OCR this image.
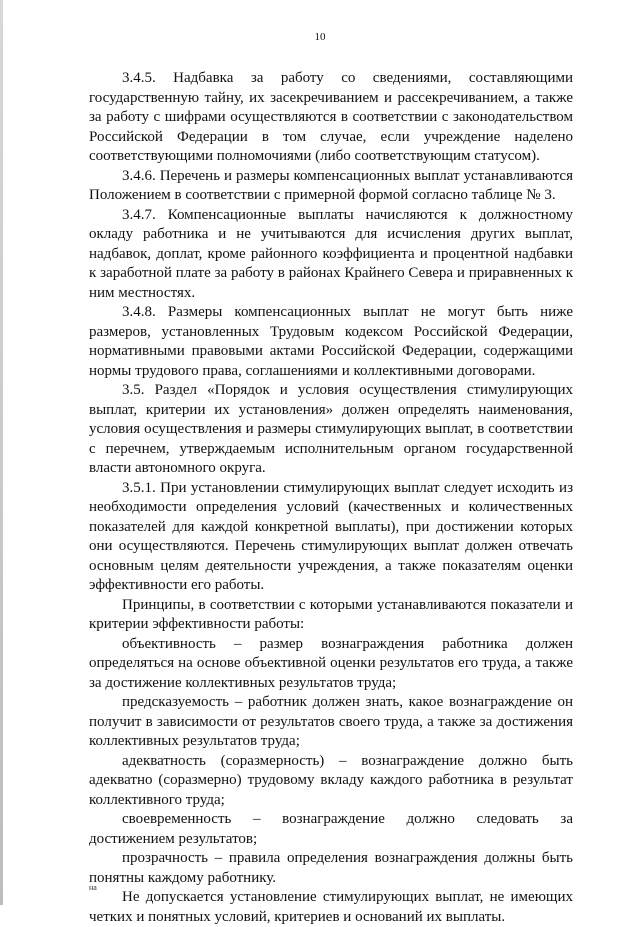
10

3.4.5. Надбавка за работу со сведениями, составляющими государственную тайну, их засекречиванием и рассекречиванием, а также за работу с шифрами осуществляются в соответствии с законодательством Российской Федерации в том случае, если учреждение наделено соответствующими полномочиями (либо соответствующим статусом).

3.4.6. Перечень и размеры компенсационных выплат устанавливаются Положением в соответствии с примерной формой согласно таблице № 3.

3.4.7. Компенсационные выплаты начисляются к должностному окладу работника и не учитываются для исчисления других выплат, надбавок, доплат, кроме районного коэффициента и процентной надбавки к заработной плате за работу в районах Крайнего Севера и приравненных к ним местностях.

3.4.8. Размеры компенсационных выплат не могут быть ниже размеров, установленных Трудовым кодексом Российской Федерации, нормативными правовыми актами Российской Федерации, содержащими нормы трудового права, соглашениями и коллективными договорами.

3.5. Раздел «Порядок и условия осуществления стимулирующих выплат, критерии их установления» должен определять наименования, условия осуществления и размеры стимулирующих выплат, в соответствии с перечнем, утверждаемым исполнительным органом государственной власти автономного округа.

3.5.1. При установлении стимулирующих выплат следует исходить из необходимости определения условий (качественных и количественных показателей для каждой конкретной выплаты), при достижении которых они осуществляются. Перечень стимулирующих выплат должен отвечать основным целям деятельности учреждения, а также показателям оценки эффективности его работы.

Принципы, в соответствии с которыми устанавливаются показатели и критерии эффективности работы:

объективность – размер вознаграждения работника должен определяться на основе объективной оценки результатов его труда, а также за достижение коллективных результатов труда;

предсказуемость – работник должен знать, какое вознаграждение он получит в зависимости от результатов своего труда, а также за достижения коллективных результатов труда;

адекватность (соразмерность) – вознаграждение должно быть адекватно (соразмерно) трудовому вкладу каждого работника в результат коллективного труда;

своевременность – вознаграждение должно следовать за достижением результатов;

прозрачность – правила определения вознаграждения должны быть понятны каждому работнику.

Не допускается установление стимулирующих выплат, не имеющих четких и понятных условий, критериев и оснований их выплаты.

на
